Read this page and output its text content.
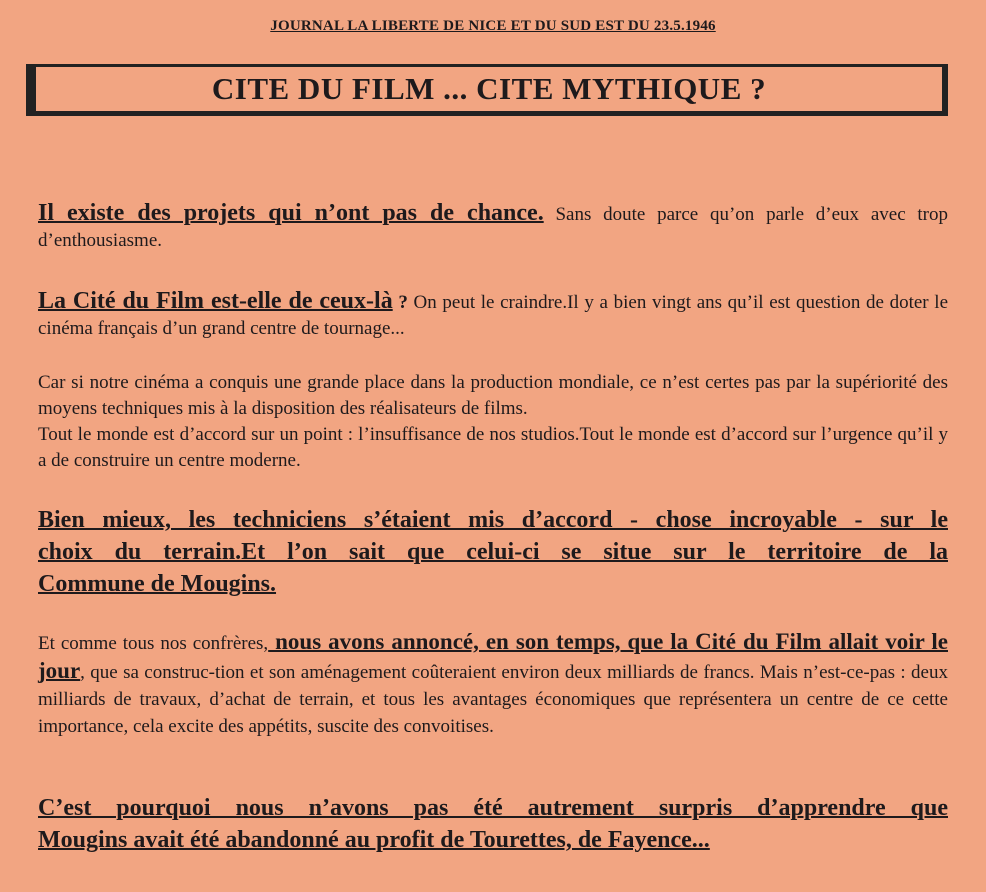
JOURNAL LA LIBERTE DE NICE ET DU SUD EST DU 23.5.1946
CITE DU FILM ... CITE MYTHIQUE ?
Il existe des projets qui n’ont pas de chance. Sans doute parce qu’on parle d’eux avec trop d’enthousiasme.
La Cité du Film est-elle de ceux-là ? On peut le craindre.Il y a bien vingt ans qu’il est question de doter le cinéma français d’un grand centre de tournage...
Car si notre cinéma a conquis une grande place dans la production mondiale, ce n’est certes pas par la supériorité des moyens techniques mis à la disposition des réalisateurs de films.
Tout le monde est d’accord sur un point : l’insuffisance de nos studios.Tout le monde est d’accord sur l’urgence qu’il y a de construire un centre moderne.
Bien mieux, les techniciens s’étaient mis d’accord - chose incroyable - sur le
choix du terrain.Et l’on sait que celui-ci se situe sur le territoire de la
Commune de Mougins.
Et comme tous nos confrères, nous avons annoncé, en son temps, que la Cité du Film allait voir le jour, que sa construc-tion et son aménagement coûteraient environ deux milliards de francs. Mais n’est-ce-pas : deux milliards de travaux, d’achat de terrain, et tous les avantages économiques que représentera un centre de ce cette importance, cela excite des appétits, suscite des convoitises.
C’est pourquoi nous n’avons pas été autrement surpris d’apprendre que
Mougins avait été abandonné au profit de Tourettes, de Fayence...
